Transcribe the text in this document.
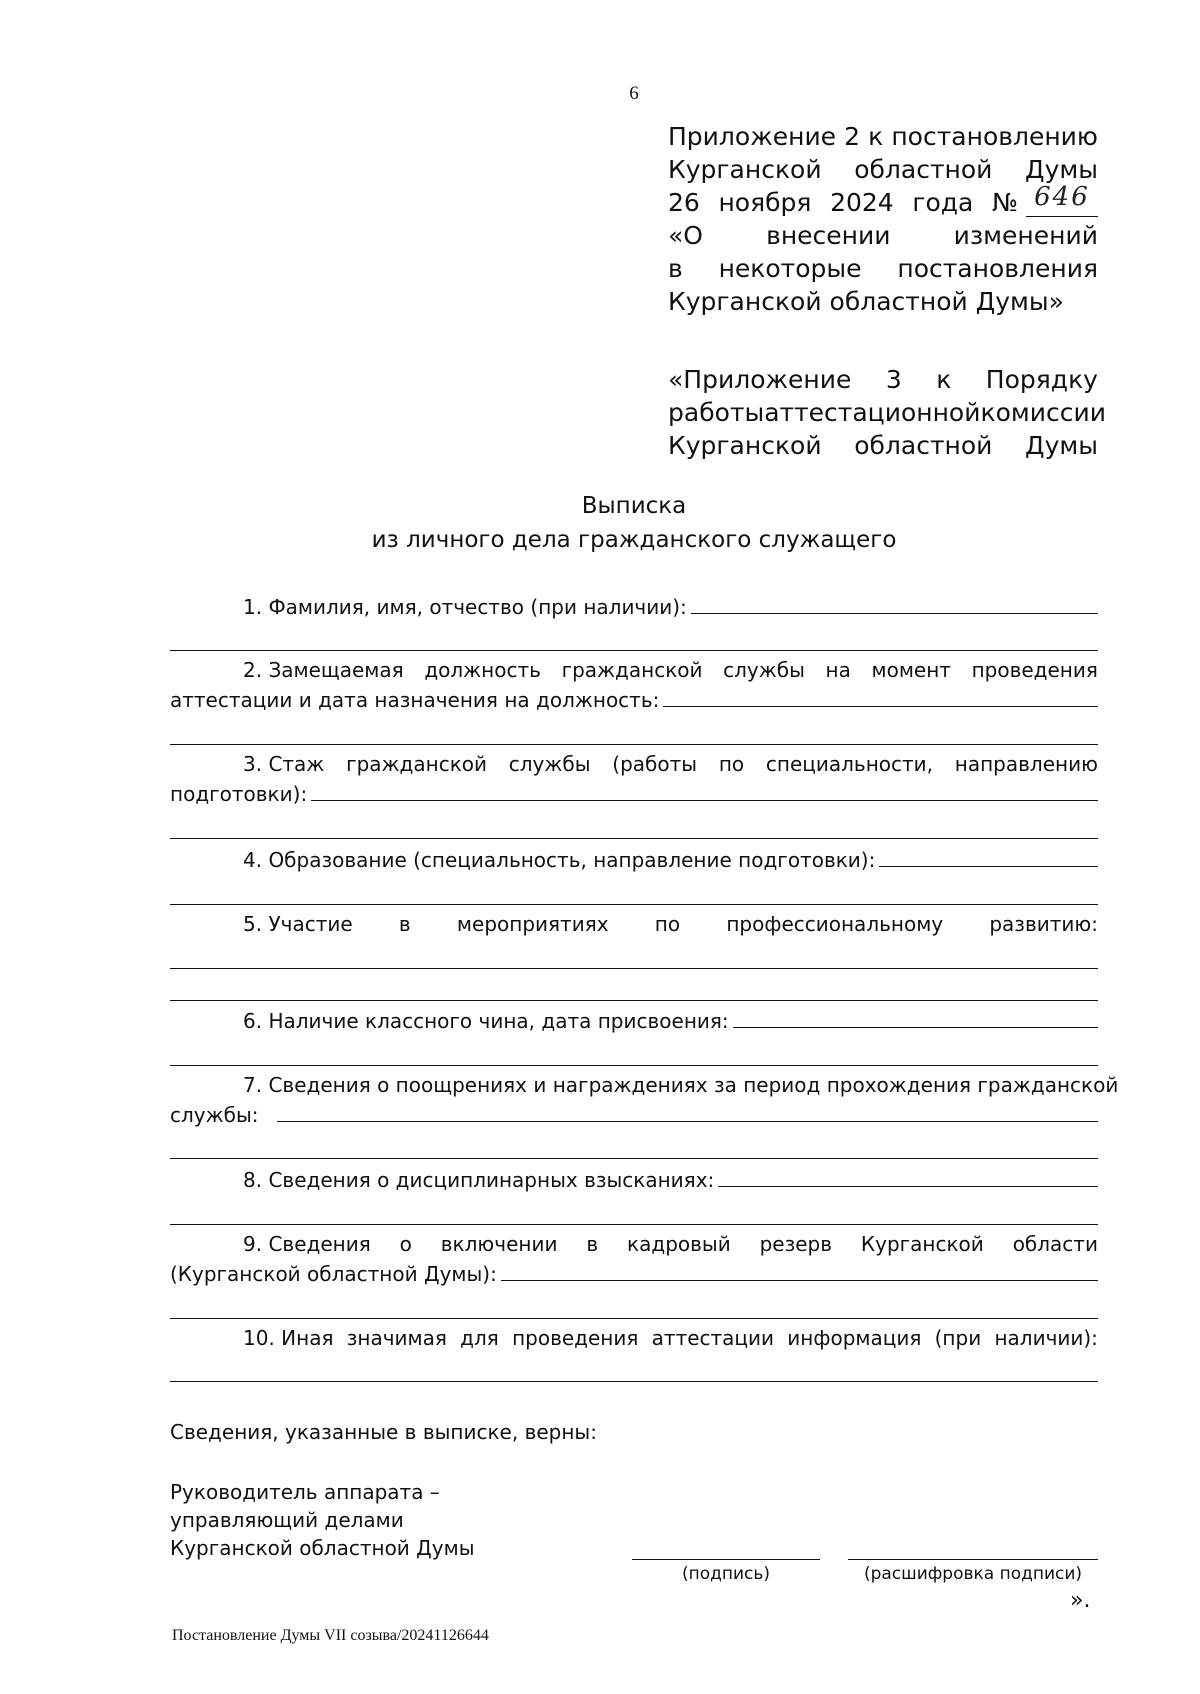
6
Приложение 2 к постановлению
Курганской областной Думы
26 ноября 2024 года № 646
«О	внесении	изменений
в некоторые постановления
Курганской областной Думы»
«Приложение 3 к Порядку
работы аттестационной комиссии
Курганской областной Думы
Выписка
из личного дела гражданского служащего
1. Фамилия, имя, отчество (при наличии):
2. Замещаемая должность гражданской службы на момент проведения
аттестации и дата назначения на должность:
3. Стаж гражданской службы (работы по специальности, направлению
подготовки):
4. Образование (специальность, направление подготовки):
5. Участие в мероприятиях по профессиональному развитию:
6. Наличие классного чина, дата присвоения:
7. Сведения о поощрениях и награждениях за период прохождения гражданской
службы:
8. Сведения о дисциплинарных взысканиях:
9. Сведения о включении в кадровый резерв Курганской области
(Курганской областной Думы):
10. Иная значимая для проведения аттестации информация (при наличии):
Сведения, указанные в выписке, верны:
Руководитель аппарата –
управляющий делами
Курганской областной Думы
(подпись)	(расшифровка подписи)
».
Постановление Думы VII созыва/20241126644
